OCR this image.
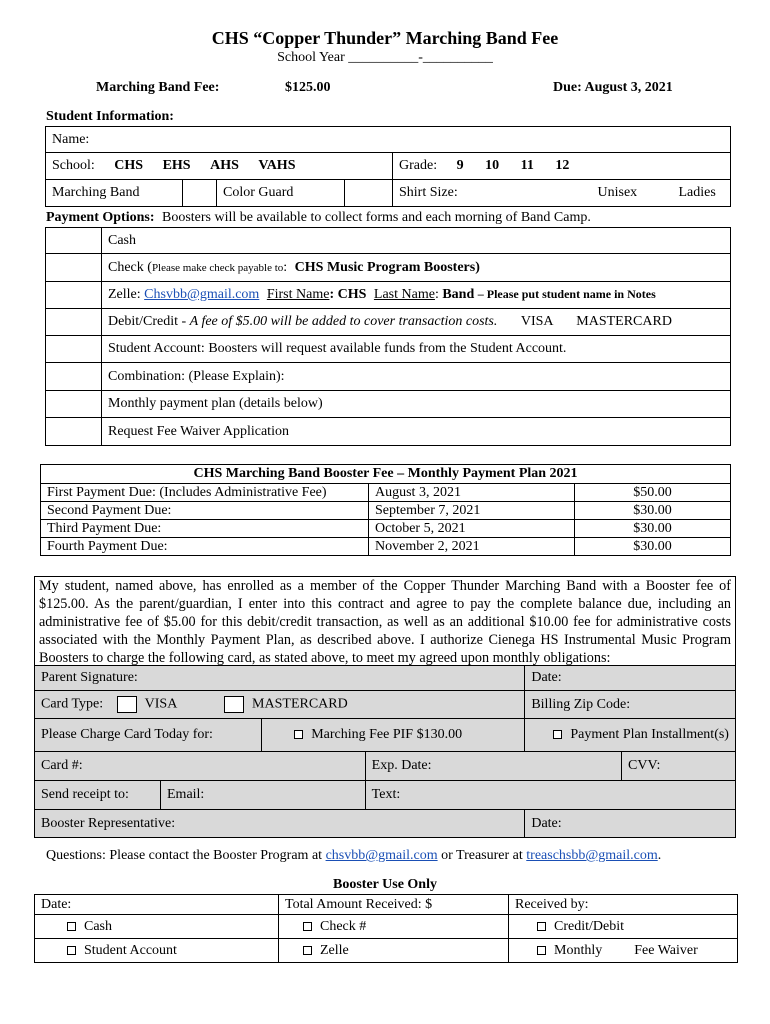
CHS “Copper Thunder” Marching Band Fee
School Year __________-__________
Marching Band Fee:	$125.00	Due: August 3, 2021
Student Information:
Name:				
School: CHS EHS AHS VAHS				Grade: 9 10 11 12
Marching Band		Color Guard		Shirt Size: Unisex Ladies
Payment Options: Boosters will be available to collect forms and each morning of Band Camp.
	Cash
	Check (Please make check payable to: CHS Music Program Boosters)
	Zelle: Chsvbb@gmail.com First Name: CHS Last Name: Band – Please put student name in Notes
	Debit/Credit - A fee of $5.00 will be added to cover transaction costs. VISA MASTERCARD
	Student Account: Boosters will request available funds from the Student Account.
	Combination: (Please Explain):
	Monthly payment plan (details below)
	Request Fee Waiver Application
CHS Marching Band Booster Fee – Monthly Payment Plan 2021		
First Payment Due: (Includes Administrative Fee)	August 3, 2021	$50.00
Second Payment Due:	September 7, 2021	$30.00
Third Payment Due:	October 5, 2021	$30.00
Fourth Payment Due:	November 2, 2021	$30.00
My student, named above, has enrolled as a member of the Copper Thunder Marching Band with a Booster fee of $125.00. As the parent/guardian, I enter into this contract and agree to pay the complete balance due, including an administrative fee of $5.00 for this debit/credit transaction, as well as an additional $10.00 fee for administrative costs associated with the Monthly Payment Plan, as described above. I authorize Cienega HS Instrumental Music Program Boosters to charge the following card, as stated above, to meet my agreed upon monthly obligations:
Parent Signature:				Date:	
Card Type: VISA MASTERCARD				Billing Zip Code:	
Please Charge Card Today for:		Marching Fee PIF $130.00		Payment Plan Installment(s)	
Card #:			Exp. Date:		CVV:
Send receipt to:	Email:		Text:		
Booster Representative:				Date:	
Questions: Please contact the Booster Program at chsvbb@gmail.com or Treasurer at treaschsbb@gmail.com.
Booster Use Only
Date:	Total Amount Received: $	Received by:
Cash	Check #	Credit/Debit
Student Account	Zelle	Monthly Fee Waiver
